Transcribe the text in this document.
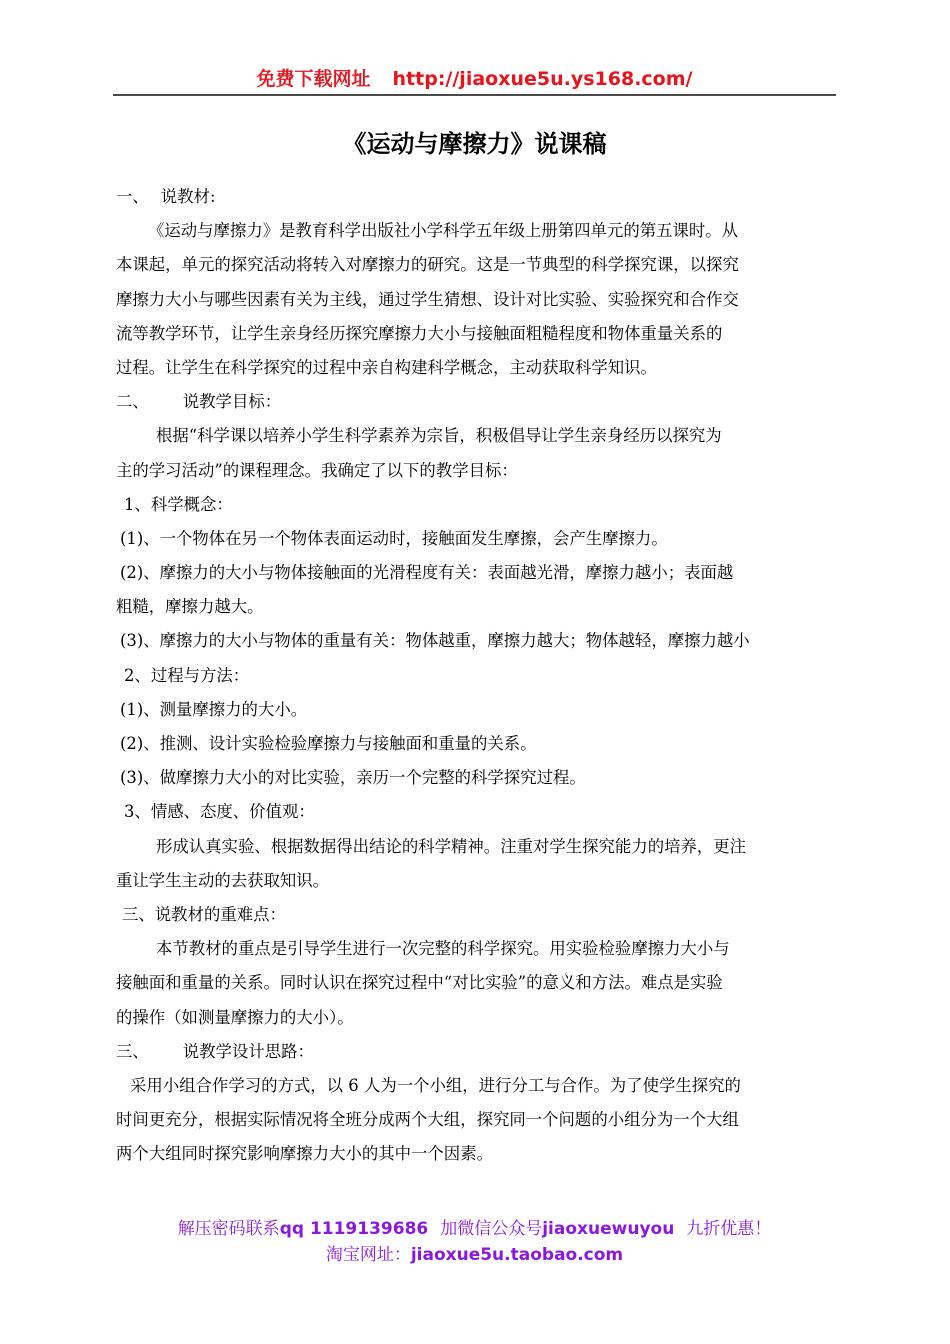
免费下载网址 http://jiaoxue5u.ys168.com/
《运动与摩擦力》说课稿
一、 说教材:
《运动与摩擦力》是教育科学出版社小学科学五年级上册第四单元的第五课时。从
本课起，单元的探究活动将转入对摩擦力的研究。这是一节典型的科学探究课，以探究
摩擦力大小与哪些因素有关为主线，通过学生猜想、设计对比实验、实验探究和合作交
流等教学环节，让学生亲身经历探究摩擦力大小与接触面粗糙程度和物体重量关系的
过程。让学生在科学探究的过程中亲自构建科学概念，主动获取科学知识。
二、 说教学目标：
根据“科学课以培养小学生科学素养为宗旨，积极倡导让学生亲身经历以探究为
主的学习活动”的课程理念。我确定了以下的教学目标：
1、科学概念：
(1)、一个物体在另一个物体表面运动时，接触面发生摩擦，会产生摩擦力。
(2)、摩擦力的大小与物体接触面的光滑程度有关：表面越光滑，摩擦力越小；表面越
粗糙，摩擦力越大。
(3)、摩擦力的大小与物体的重量有关：物体越重，摩擦力越大；物体越轻，摩擦力越小
2、过程与方法：
(1)、测量摩擦力的大小。
(2)、推测、设计实验检验摩擦力与接触面和重量的关系。
(3)、做摩擦力大小的对比实验，亲历一个完整的科学探究过程。
3、情感、态度、价值观：
形成认真实验、根据数据得出结论的科学精神。注重对学生探究能力的培养，更注
重让学生主动的去获取知识。
三、说教材的重难点：
本节教材的重点是引导学生进行一次完整的科学探究。用实验检验摩擦力大小与
接触面和重量的关系。同时认识在探究过程中“对比实验”的意义和方法。难点是实验
的操作（如测量摩擦力的大小）。
三、 说教学设计思路：
采用小组合作学习的方式，以 6 人为一个小组，进行分工与合作。为了使学生探究的
时间更充分，根据实际情况将全班分成两个大组，探究同一个问题的小组分为一个大组
两个大组同时探究影响摩擦力大小的其中一个因素。
解压密码联系qq 1119139686 加微信公众号jiaoxuewuyou 九折优惠！
淘宝网址：jiaoxue5u.taobao.com
